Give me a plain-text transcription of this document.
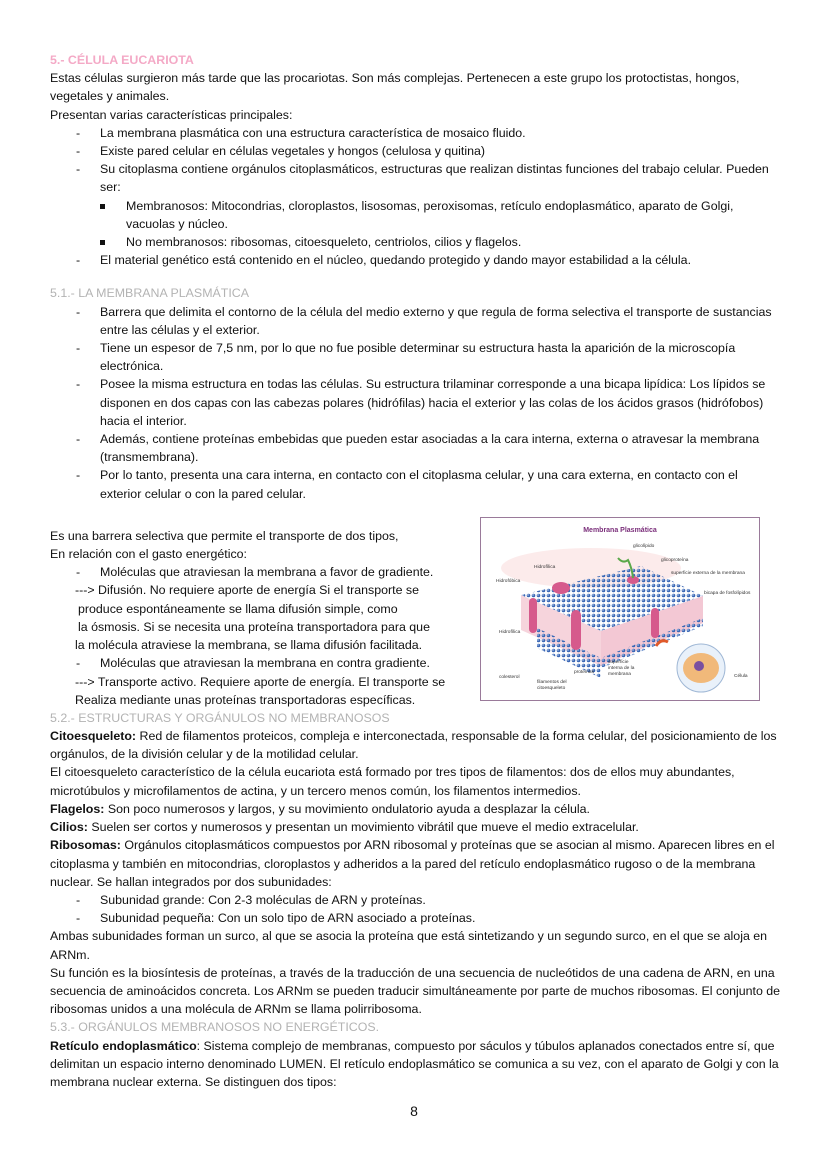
5.- CÉLULA EUCARIOTA

Estas células surgieron más tarde que las procariotas. Son más complejas. Pertenecen a este grupo los protoctistas, hongos, vegetales y animales.

Presentan varias características principales:

- La membrana plasmática con una estructura característica de mosaico fluido.

- Existe pared celular en células vegetales y hongos (celulosa y quitina)

- Su citoplasma contiene orgánulos citoplasmáticos, estructuras que realizan distintas funciones del trabajo celular. Pueden ser:

Membranosos: Mitocondrias, cloroplastos, lisosomas, peroxisomas, retículo endoplasmático, aparato de Golgi, vacuolas y núcleo.

No membranosos: ribosomas, citoesqueleto, centriolos, cilios y flagelos.

- El material genético está contenido en el núcleo, quedando protegido y dando mayor estabilidad a la célula.

5.1.- LA MEMBRANA PLASMÁTICA

- Barrera que delimita el contorno de la célula del medio externo y que regula de forma selectiva el transporte de sustancias entre las células y el exterior.

- Tiene un espesor de 7,5 nm, por lo que no fue posible determinar su estructura hasta la aparición de la microscopía electrónica.

- Posee la misma estructura en todas las células. Su estructura trilaminar corresponde a una bicapa lipídica: Los lípidos se disponen en dos capas con las cabezas polares (hidrófilas) hacia el exterior y las colas de los ácidos grasos (hidrófobos) hacia el interior.

- Además, contiene proteínas embebidas que pueden estar asociadas a la cara interna, externa o atravesar la membrana (transmembrana).

- Por lo tanto, presenta una cara interna, en contacto con el citoplasma celular, y una cara externa, en contacto con el exterior celular o con la pared celular.

Es una barrera selectiva que permite el transporte de dos tipos,

En relación con el gasto energético:

- Moléculas que atraviesan la membrana a favor de gradiente.

---> Difusión. No requiere aporte de energía Si el transporte se

produce espontáneamente se llama difusión simple, como

la ósmosis. Si se necesita una proteína transportadora para que

la molécula atraviese la membrana, se llama difusión facilitada.

- Moléculas que atraviesan la membrana en contra gradiente.

---> Transporte activo. Requiere aporte de energía. El transporte se

Realiza mediante unas proteínas transportadoras específicas.

Membrana Plasmática
glicolípido
glicoproteína
superficie externa de la membrana
bicapa de fosfolípidos
Hidrofílica
Hidrofóbica
Hidrofílica
colesterol
filamentos del citoesqueleto
proteínas
superficie interna de la membrana	Célula

5.2.- ESTRUCTURAS Y ORGÁNULOS NO MEMBRANOSOS

Citoesqueleto: Red de filamentos proteicos, compleja e interconectada, responsable de la forma celular, del posicionamiento de los orgánulos, de la división celular y de la motilidad celular.

El citoesqueleto característico de la célula eucariota está formado por tres tipos de filamentos: dos de ellos muy abundantes, microtúbulos y microfilamentos de actina, y un tercero menos común, los filamentos intermedios.

Flagelos: Son poco numerosos y largos, y su movimiento ondulatorio ayuda a desplazar la célula.

Cilios: Suelen ser cortos y numerosos y presentan un movimiento vibrátil que mueve el medio extracelular.

Ribosomas: Orgánulos citoplasmáticos compuestos por ARN ribosomal y proteínas que se asocian al mismo. Aparecen libres en el citoplasma y también en mitocondrias, cloroplastos y adheridos a la pared del retículo endoplasmático rugoso o de la membrana nuclear. Se hallan integrados por dos subunidades:

- Subunidad grande: Con 2-3 moléculas de ARN y proteínas.

- Subunidad pequeña: Con un solo tipo de ARN asociado a proteínas.

Ambas subunidades forman un surco, al que se asocia la proteína que está sintetizando y un segundo surco, en el que se aloja en ARNm.

Su función es la biosíntesis de proteínas, a través de la traducción de una secuencia de nucleótidos de una cadena de ARN, en una secuencia de aminoácidos concreta. Los ARNm se pueden traducir simultáneamente por parte de muchos ribosomas. El conjunto de ribosomas unidos a una molécula de ARNm se llama polirribosoma.

5.3.- ORGÁNULOS MEMBRANOSOS NO ENERGÉTICOS.

Retículo endoplasmático: Sistema complejo de membranas, compuesto por sáculos y túbulos aplanados conectados entre sí, que delimitan un espacio interno denominado LUMEN. El retículo endoplasmático se comunica a su vez, con el aparato de Golgi y con la membrana nuclear externa. Se distinguen dos tipos:

8
